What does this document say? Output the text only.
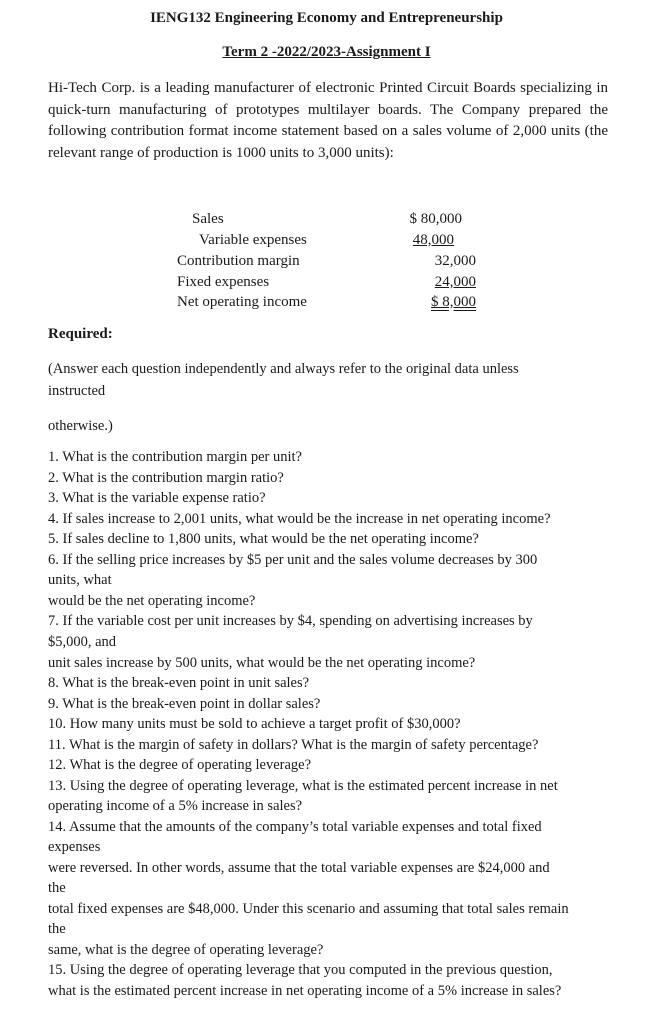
IENG132 Engineering Economy and Entrepreneurship
Term 2 -2022/2023-Assignment I
Hi-Tech Corp. is a leading manufacturer of electronic Printed Circuit Boards specializing in quick-turn manufacturing of prototypes multilayer boards. The Company prepared the following contribution format income statement based on a sales volume of 2,000 units (the relevant range of production is 1000 units to 3,000 units):
Sales	$ 80,000
Variable expenses	48,000
Contribution margin	32,000
Fixed expenses	24,000
Net operating income	$ 8,000
Required:
(Answer each question independently and always refer to the original data unless
instructed
otherwise.)
1. What is the contribution margin per unit?
2. What is the contribution margin ratio?
3. What is the variable expense ratio?
4. If sales increase to 2,001 units, what would be the increase in net operating income?
5. If sales decline to 1,800 units, what would be the net operating income?
6. If the selling price increases by $5 per unit and the sales volume decreases by 300
units, what
would be the net operating income?
7. If the variable cost per unit increases by $4, spending on advertising increases by
$5,000, and
unit sales increase by 500 units, what would be the net operating income?
8. What is the break-even point in unit sales?
9. What is the break-even point in dollar sales?
10. How many units must be sold to achieve a target profit of $30,000?
11. What is the margin of safety in dollars? What is the margin of safety percentage?
12. What is the degree of operating leverage?
13. Using the degree of operating leverage, what is the estimated percent increase in net
operating income of a 5% increase in sales?
14. Assume that the amounts of the company’s total variable expenses and total fixed
expenses
were reversed. In other words, assume that the total variable expenses are $24,000 and
the
total fixed expenses are $48,000. Under this scenario and assuming that total sales remain
the
same, what is the degree of operating leverage?
15. Using the degree of operating leverage that you computed in the previous question,
what is the estimated percent increase in net operating income of a 5% increase in sales?
